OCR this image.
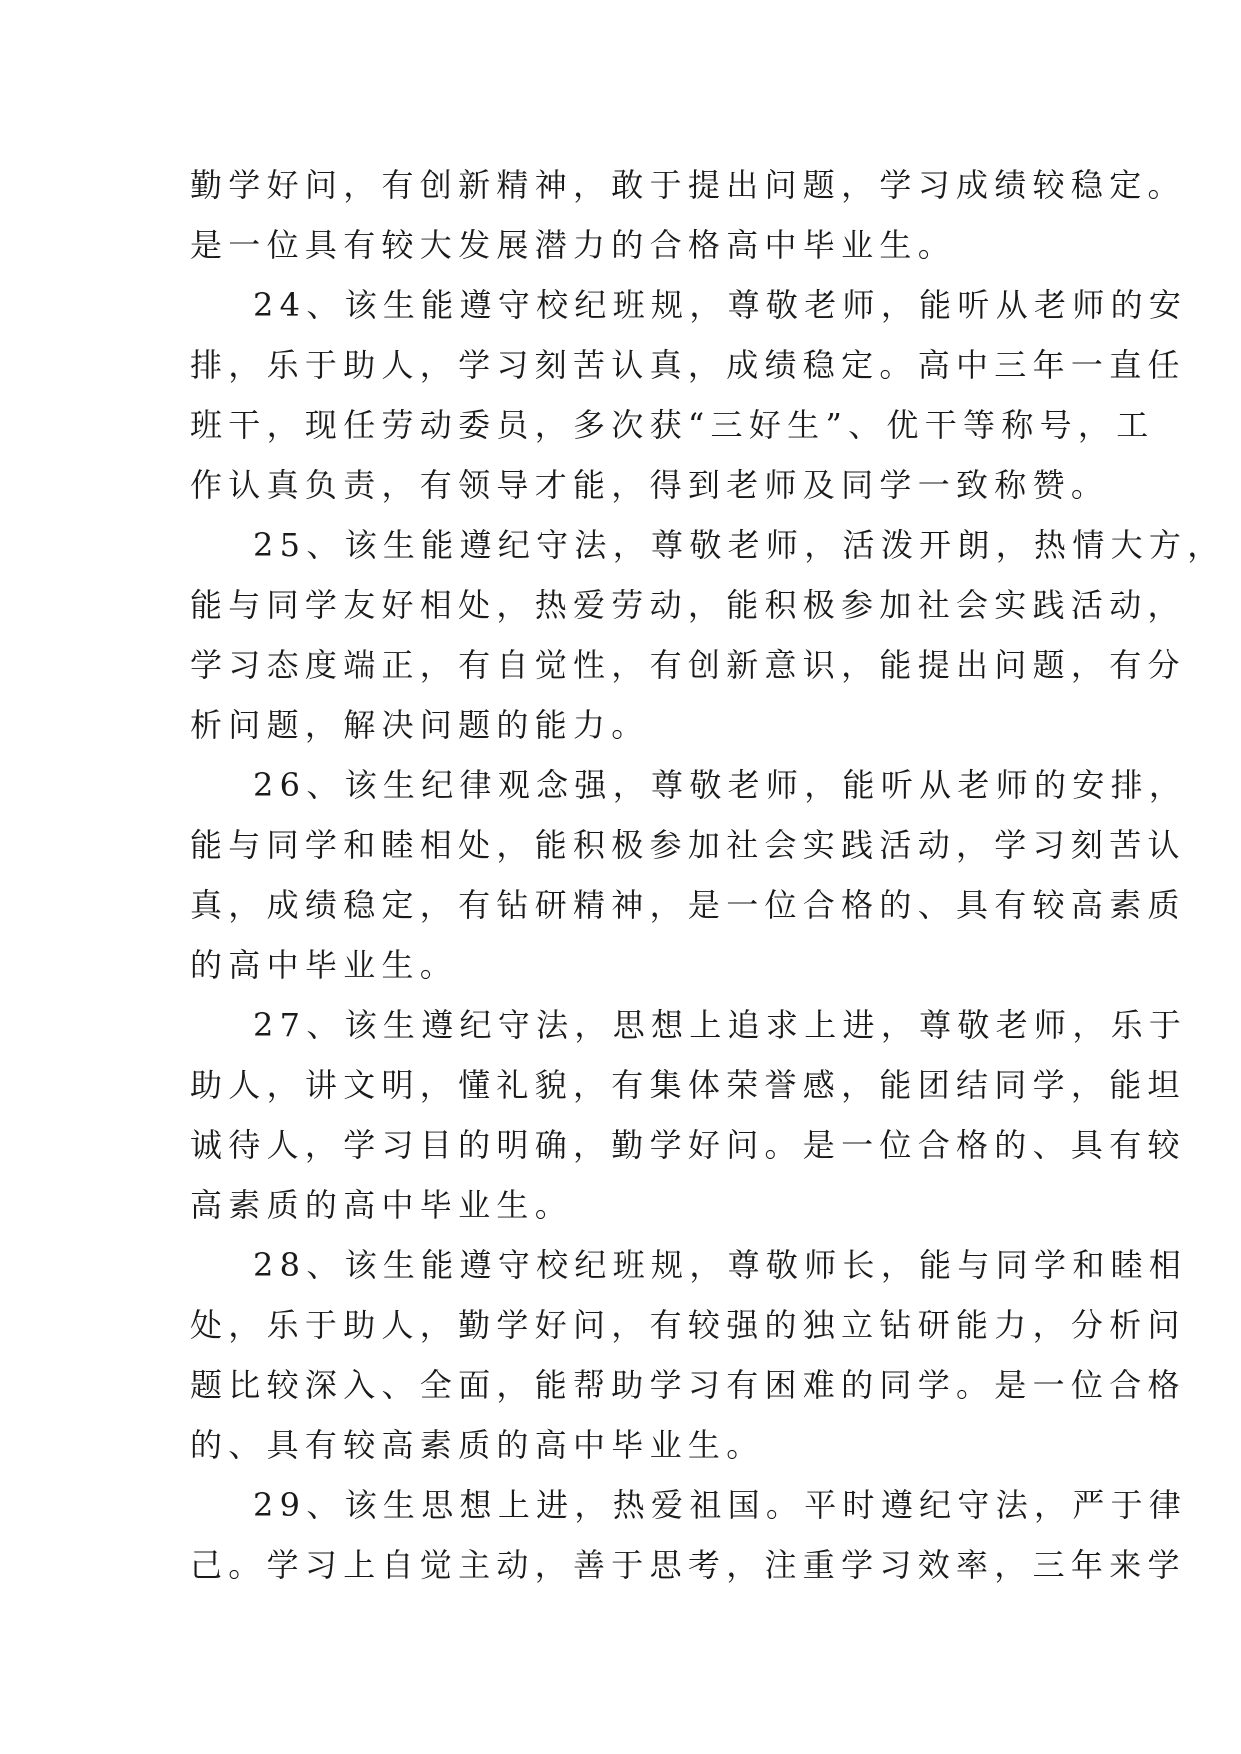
勤学好问，有创新精神，敢于提出问题，学习成绩较稳定。
是一位具有较大发展潜力的合格高中毕业生。
24、该生能遵守校纪班规，尊敬老师，能听从老师的安
排，乐于助人，学习刻苦认真，成绩稳定。高中三年一直任
班干，现任劳动委员，多次获“三好生”、优干等称号，工
作认真负责，有领导才能，得到老师及同学一致称赞。
25、该生能遵纪守法，尊敬老师，活泼开朗，热情大方，
能与同学友好相处，热爱劳动，能积极参加社会实践活动，
学习态度端正，有自觉性，有创新意识，能提出问题，有分
析问题，解决问题的能力。
26、该生纪律观念强，尊敬老师，能听从老师的安排，
能与同学和睦相处，能积极参加社会实践活动，学习刻苦认
真，成绩稳定，有钻研精神，是一位合格的、具有较高素质
的高中毕业生。
27、该生遵纪守法，思想上追求上进，尊敬老师，乐于
助人，讲文明，懂礼貌，有集体荣誉感，能团结同学，能坦
诚待人，学习目的明确，勤学好问。是一位合格的、具有较
高素质的高中毕业生。
28、该生能遵守校纪班规，尊敬师长，能与同学和睦相
处，乐于助人，勤学好问，有较强的独立钻研能力，分析问
题比较深入、全面，能帮助学习有困难的同学。是一位合格
的、具有较高素质的高中毕业生。
29、该生思想上进，热爱祖国。平时遵纪守法，严于律
己。学习上自觉主动，善于思考，注重学习效率，三年来学
